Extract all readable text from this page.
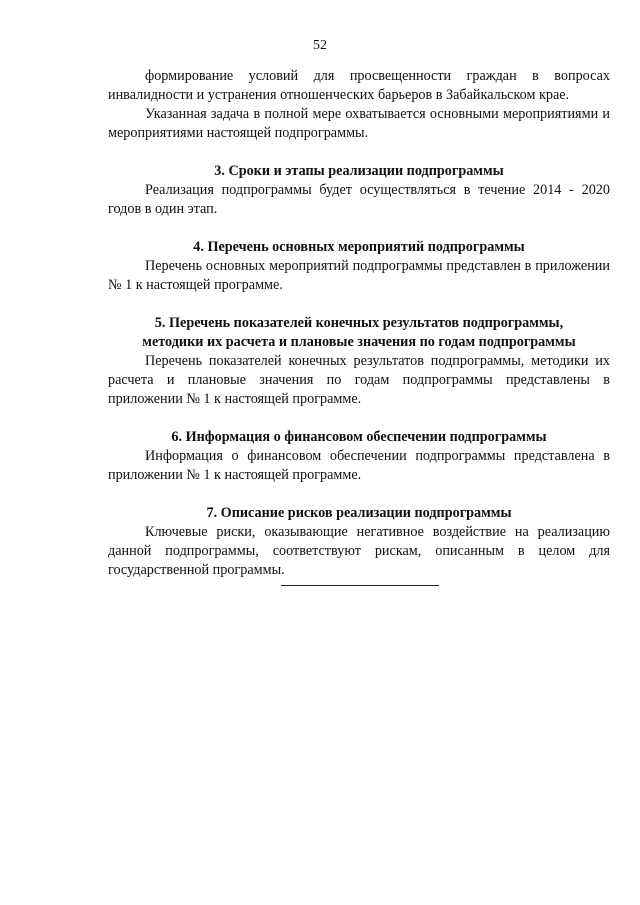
52

формирование условий для просвещенности граждан в вопросах инвалидности и устранения отношенческих барьеров в Забайкальском крае.

Указанная задача в полной мере охватывается основными мероприятиями и мероприятиями настоящей подпрограммы.

3. Сроки и этапы реализации подпрограммы

Реализация подпрограммы будет осуществляться в течение 2014 - 2020 годов в один этап.

4. Перечень основных мероприятий подпрограммы

Перечень основных мероприятий подпрограммы представлен в приложении № 1 к настоящей программе.

5. Перечень показателей конечных результатов подпрограммы,

методики их расчета и плановые значения по годам подпрограммы

Перечень показателей конечных результатов подпрограммы, методики их расчета и плановые значения по годам подпрограммы представлены в приложении № 1 к настоящей программе.

6. Информация о финансовом обеспечении подпрограммы

Информация о финансовом обеспечении подпрограммы представлена в приложении № 1 к настоящей программе.

7. Описание рисков реализации подпрограммы

Ключевые риски, оказывающие негативное воздействие на реализацию данной подпрограммы, соответствуют рискам, описанным в целом для государственной программы.
